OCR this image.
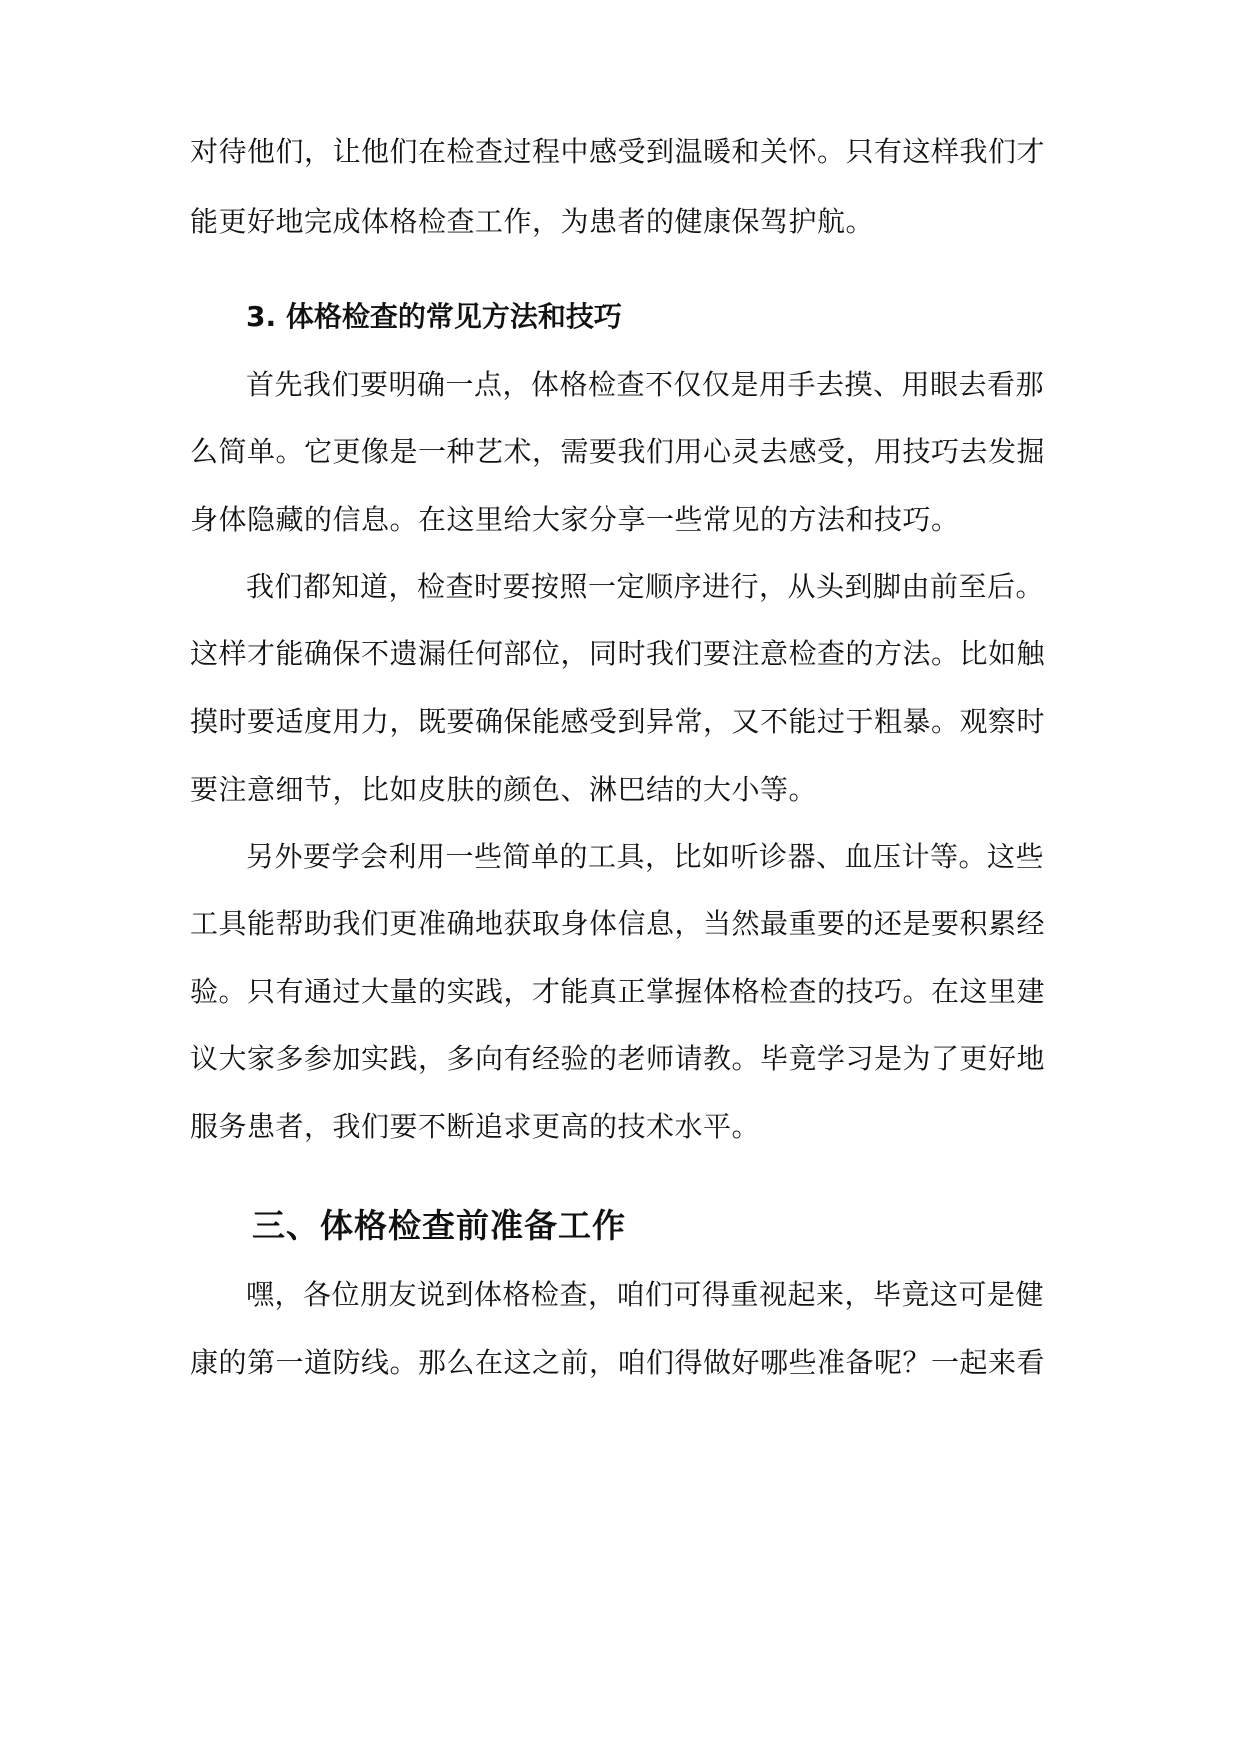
对待他们，让他们在检查过程中感受到温暖和关怀。只有这样我们才
能更好地完成体格检查工作，为患者的健康保驾护航。
3. 体格检查的常见方法和技巧
首先我们要明确一点，体格检查不仅仅是用手去摸、用眼去看那
么简单。它更像是一种艺术，需要我们用心灵去感受，用技巧去发掘
身体隐藏的信息。在这里给大家分享一些常见的方法和技巧。
我们都知道，检查时要按照一定顺序进行，从头到脚由前至后。
这样才能确保不遗漏任何部位，同时我们要注意检查的方法。比如触
摸时要适度用力，既要确保能感受到异常，又不能过于粗暴。观察时
要注意细节，比如皮肤的颜色、淋巴结的大小等。
另外要学会利用一些简单的工具，比如听诊器、血压计等。这些
工具能帮助我们更准确地获取身体信息，当然最重要的还是要积累经
验。只有通过大量的实践，才能真正掌握体格检查的技巧。在这里建
议大家多参加实践，多向有经验的老师请教。毕竟学习是为了更好地
服务患者，我们要不断追求更高的技术水平。
三、体格检查前准备工作
嘿，各位朋友说到体格检查，咱们可得重视起来，毕竟这可是健
康的第一道防线。那么在这之前，咱们得做好哪些准备呢？一起来看
